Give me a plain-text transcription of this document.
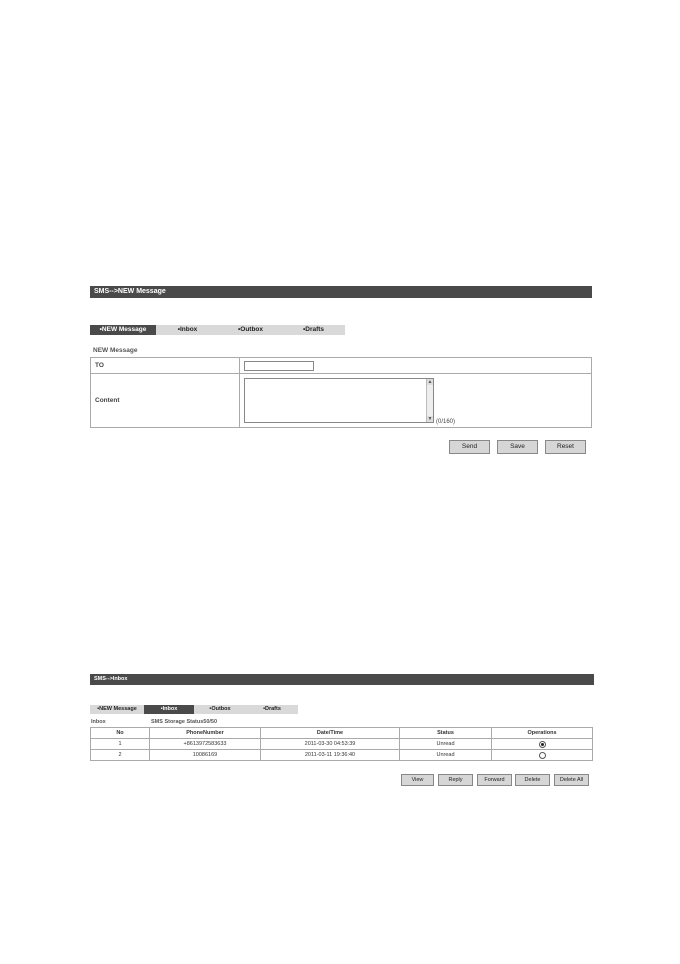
SMS-->NEW Message
•NEW Message	•Inbox	•Outbox	•Drafts
NEW Message
TO	

Content	▲
▼ (0/160)
Send	Save	Reset
SMS-->Inbox
•NEW Message	•Inbox	•Outbox	•Drafts
Inbox	SMS Storage Status50/50
No	PhoneNumber	Date/Time	Status	Operations
1	+8613972583633	2011-03-30 04:53:39	Unread	
2	10086169	2011-03-11 19:36:40	Unread	
View	Reply	Forward	Delete	Delete All
